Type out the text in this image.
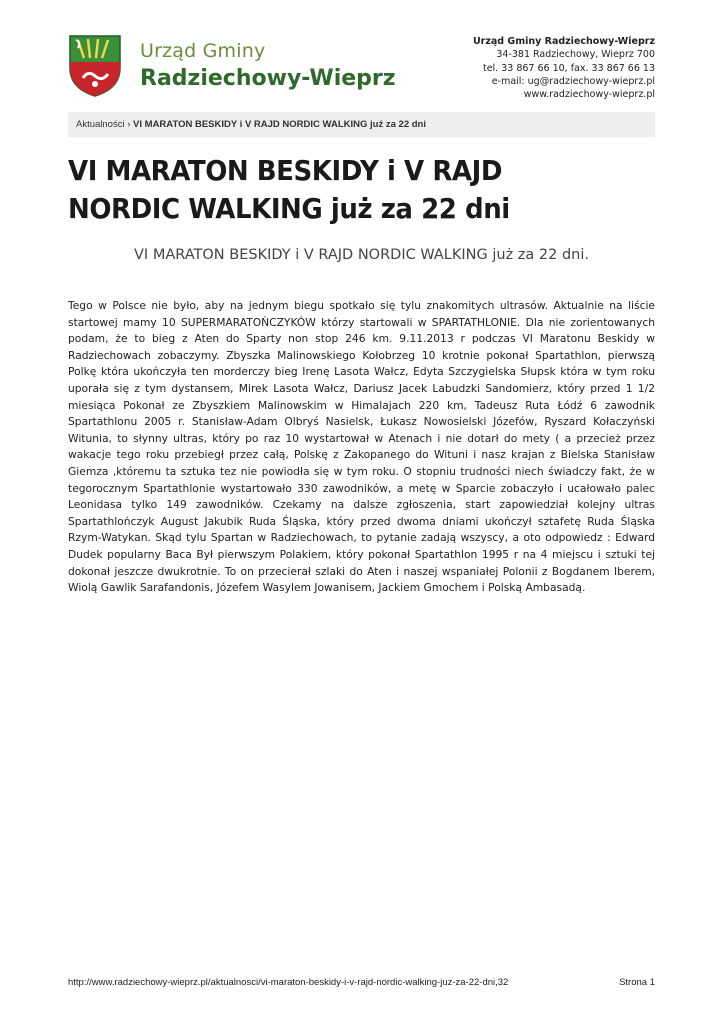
Urząd Gminy
Radziechowy-Wieprz
Urząd Gminy Radziechowy-Wieprz
34-381 Radziechowy, Wieprz 700
tel. 33 867 66 10, fax. 33 867 66 13
e-mail: ug@radziechowy-wieprz.pl
www.radziechowy-wieprz.pl
Aktualności › VI MARATON BESKIDY i V RAJD NORDIC WALKING już za 22 dni
VI MARATON BESKIDY i V RAJD NORDIC WALKING już za 22 dni

VI MARATON BESKIDY i V RAJD NORDIC WALKING już za 22 dni.

Tego w Polsce nie było, aby na jednym biegu spotkało się tylu znakomitych ultrasów. Aktualnie na liście startowej mamy 10 SUPERMARATOŃCZYKÓW którzy startowali w SPARTATHLONIE. Dla nie zorientowanych podam, że to bieg z Aten do Sparty non stop 246 km. 9.11.2013 r podczas VI Maratonu Beskidy w Radziechowach zobaczymy. Zbyszka Malinowskiego Kołobrzeg 10 krotnie pokonał Spartathlon, pierwszą Polkę która ukończyła ten morderczy bieg Irenę Lasota Wałcz, Edyta Szczygielska Słupsk która w tym roku uporała się z tym dystansem, Mirek Lasota Wałcz, Dariusz Jacek Labudzki Sandomierz, który przed 1 1/2 miesiąca Pokonał ze Zbyszkiem Malinowskim w Himalajach 220 km, Tadeusz Ruta Łódź 6 zawodnik Spartathlonu 2005 r. Stanisław-Adam Olbryś Nasielsk, Łukasz Nowosielski Józefów, Ryszard Kołaczyński Witunia, to słynny ultras, który po raz 10 wystartował w Atenach i nie dotarł do mety ( a przecież przez wakacje tego roku przebiegł przez całą, Polskę z Zakopanego do Wituni i nasz krajan z Bielska Stanisław Giemza ,któremu ta sztuka tez nie powiodła się w tym roku. O stopniu trudności niech świadczy fakt, że w tegorocznym Spartathlonie wystartowało 330 zawodników, a metę w Sparcie zobaczyło i ucałowało palec Leonidasa tylko 149 zawodników. Czekamy na dalsze zgłoszenia, start zapowiedział kolejny ultras Spartathlończyk August Jakubik Ruda Śląska, który przed dwoma dniami ukończył sztafetę Ruda Śląska Rzym-Watykan. Skąd tylu Spartan w Radziechowach, to pytanie zadają wszyscy, a oto odpowiedz : Edward Dudek popularny Baca Był pierwszym Polakiem, który pokonał Spartathlon 1995 r na 4 miejscu i sztuki tej dokonał jeszcze dwukrotnie. To on przecierał szlaki do Aten i naszej wspaniałej Polonii z Bogdanem Iberem, Wiolą Gawlik Sarafandonis, Józefem Wasylem Jowanisem, Jackiem Gmochem i Polską Ambasadą.

http://www.radziechowy-wieprz.pl/aktualnosci/vi-maraton-beskidy-i-v-rajd-nordic-walking-juz-za-22-dni,32	Strona 1
